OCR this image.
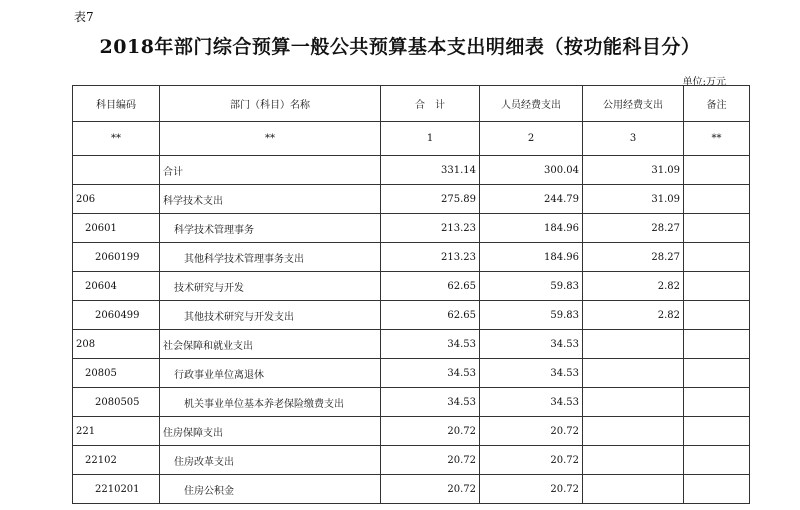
表7
2018年部门综合预算一般公共预算基本支出明细表（按功能科目分）
单位:万元
科目编码	部门（科目）名称	合　计	人员经费支出	公用经费支出	备注
**	**	1	2	3	**
	合计	331.14	300.04	31.09	
206	科学技术支出	275.89	244.79	31.09	
20601	科学技术管理事务	213.23	184.96	28.27	
2060199	其他科学技术管理事务支出	213.23	184.96	28.27	
20604	技术研究与开发	62.65	59.83	2.82	
2060499	其他技术研究与开发支出	62.65	59.83	2.82	
208	社会保障和就业支出	34.53	34.53		
20805	行政事业单位离退休	34.53	34.53		
2080505	机关事业单位基本养老保险缴费支出	34.53	34.53		
221	住房保障支出	20.72	20.72		
22102	住房改革支出	20.72	20.72		
2210201	住房公积金	20.72	20.72		
